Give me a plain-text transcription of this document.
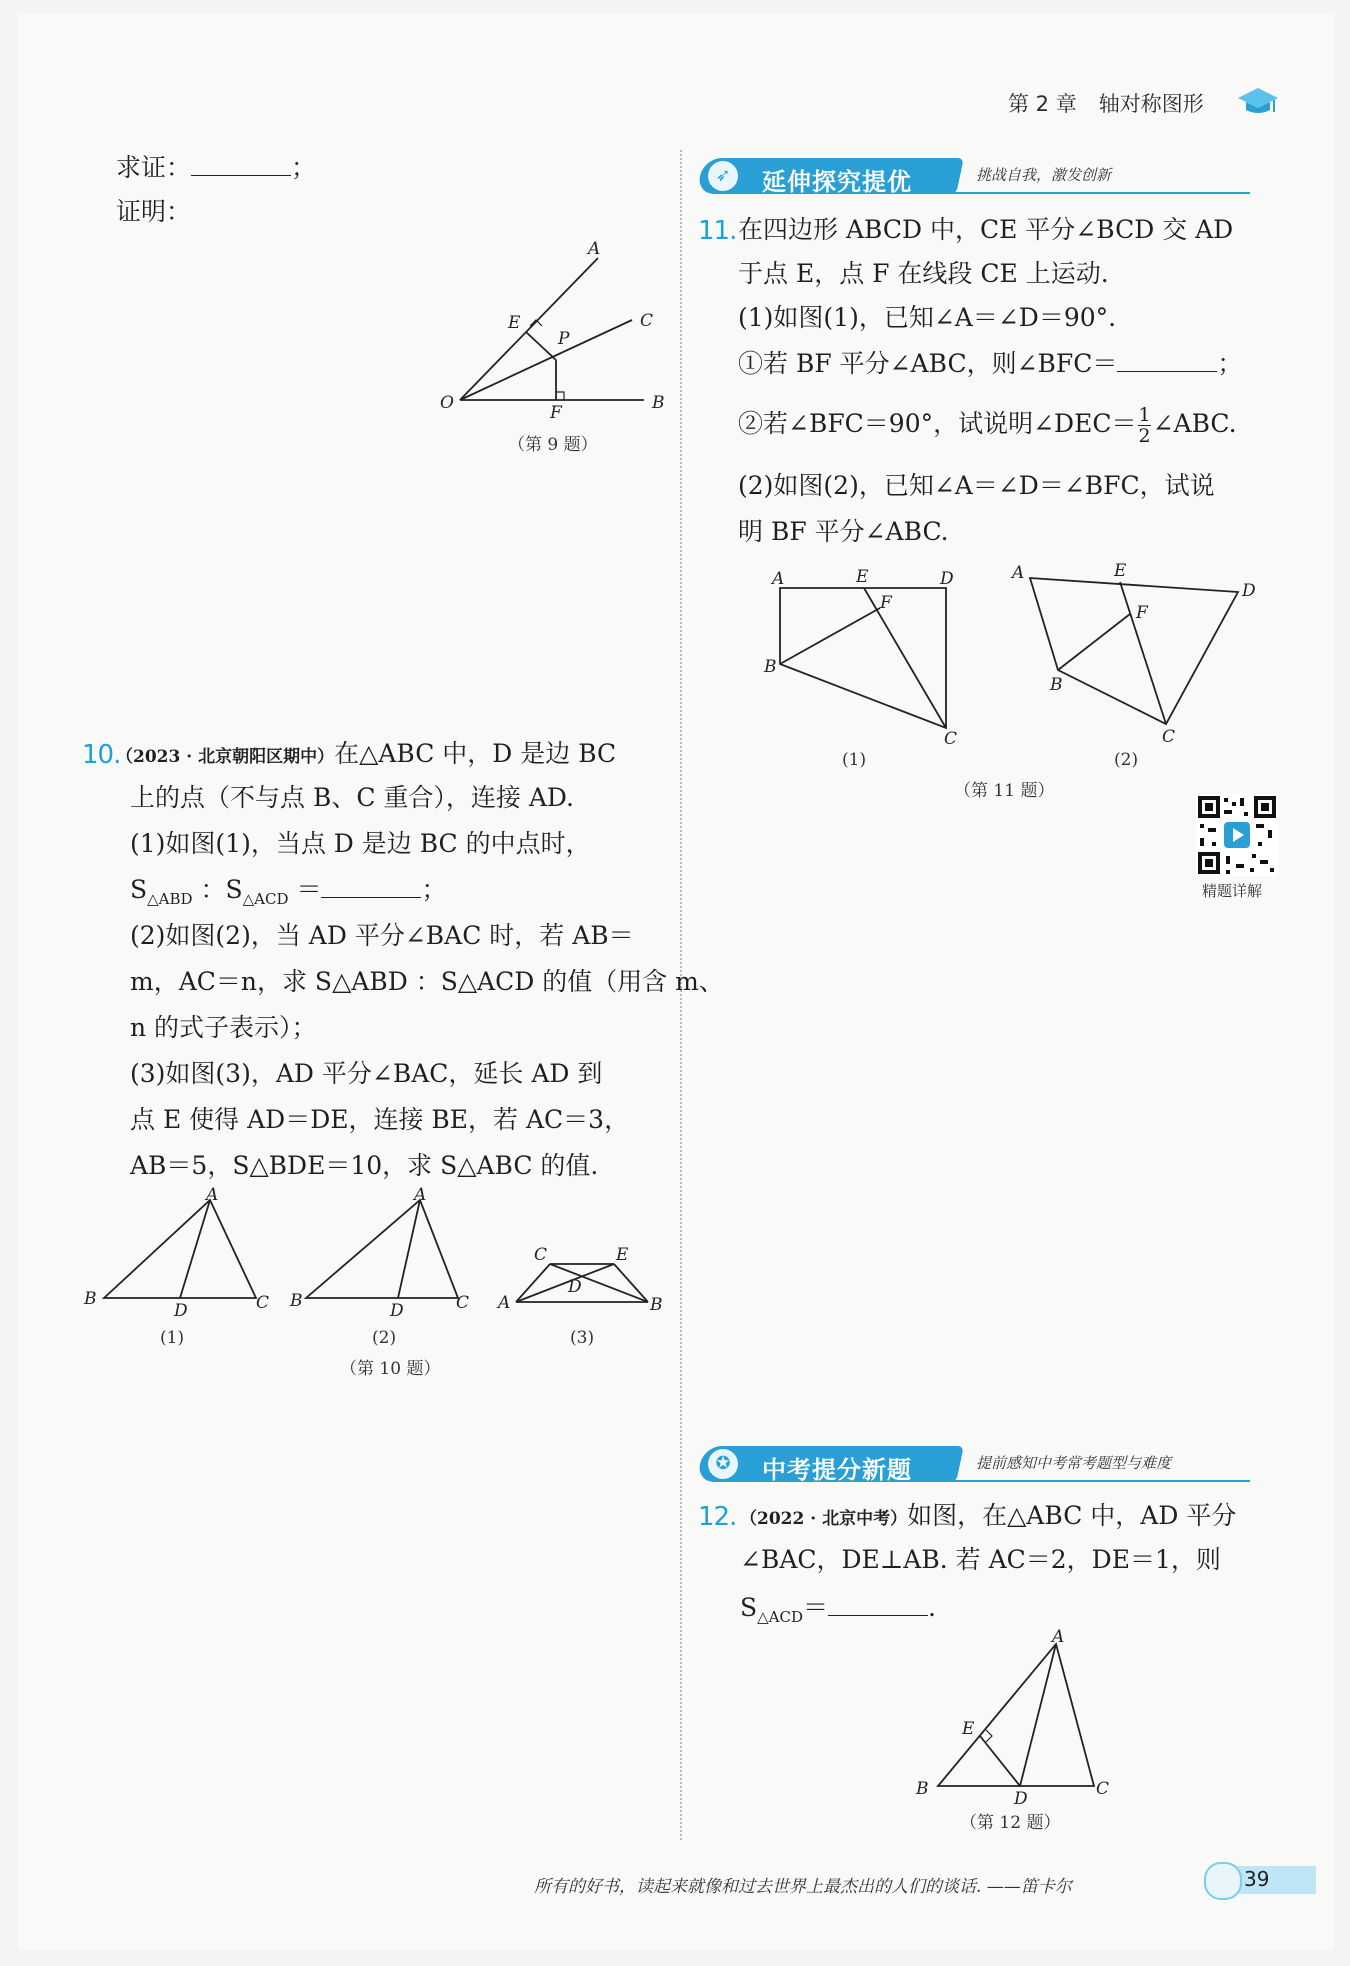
第 2 章 轴对称图形
求证：	；
证明：
A
E
P
C
O	F	B
（第 9 题）
10.
（2023 · 北京朝阳区期中）在△ABC 中，D 是边 BC
上的点（不与点 B、C 重合），连接 AD.
(1)如图(1)，当点 D 是边 BC 的中点时，
$S_{\triangle ABD}$ ：$S_{\triangle ACD}$ ＝	；
(2)如图(2)，当 AD 平分∠BAC 时，若 AB＝
m，AC＝n，求 S△ABD ：S△ACD 的值（用含 m、
n 的式子表示）；
(3)如图(3)，AD 平分∠BAC，延长 AD 到
点 E 使得 AD＝DE，连接 BE，若 AC＝3，
AB＝5，S△BDE＝10，求 S△ABC 的值.
A
B
D	C
A
B	D	C
C	E
D
A	B
(1)	(2)	(3)
（第 10 题）
➶	延伸探究提优	挑战自我，激发创新
11. 在四边形 ABCD 中，CE 平分∠BCD 交 AD
于点 E，点 F 在线段 CE 上运动.
(1)如图(1)，已知∠A＝∠D＝90°.
①若 BF 平分∠ABC，则∠BFC＝	；
②若∠BFC＝90°，试说明∠DEC＝ $\frac{1}{2}$ ∠ABC.
(2)如图(2)，已知∠A＝∠D＝∠BFC，试说
明 BF 平分∠ABC.
A	E	D
F
B
C
A	E
D
F
B
C
(1)	(2)
（第 11 题）
精题详解
✪	中考提分新题	提前感知中考常考题型与难度
12. （2022 · 北京中考）如图，在△ABC 中，AD 平分
∠BAC，DE⊥AB. 若 AC＝2，DE＝1，则
$S_{\triangle ACD}=$	.
A
E
B	D	C
（第 12 题）
所有的好书，读起来就像和过去世界上最杰出的人们的谈话. ——笛卡尔	39
